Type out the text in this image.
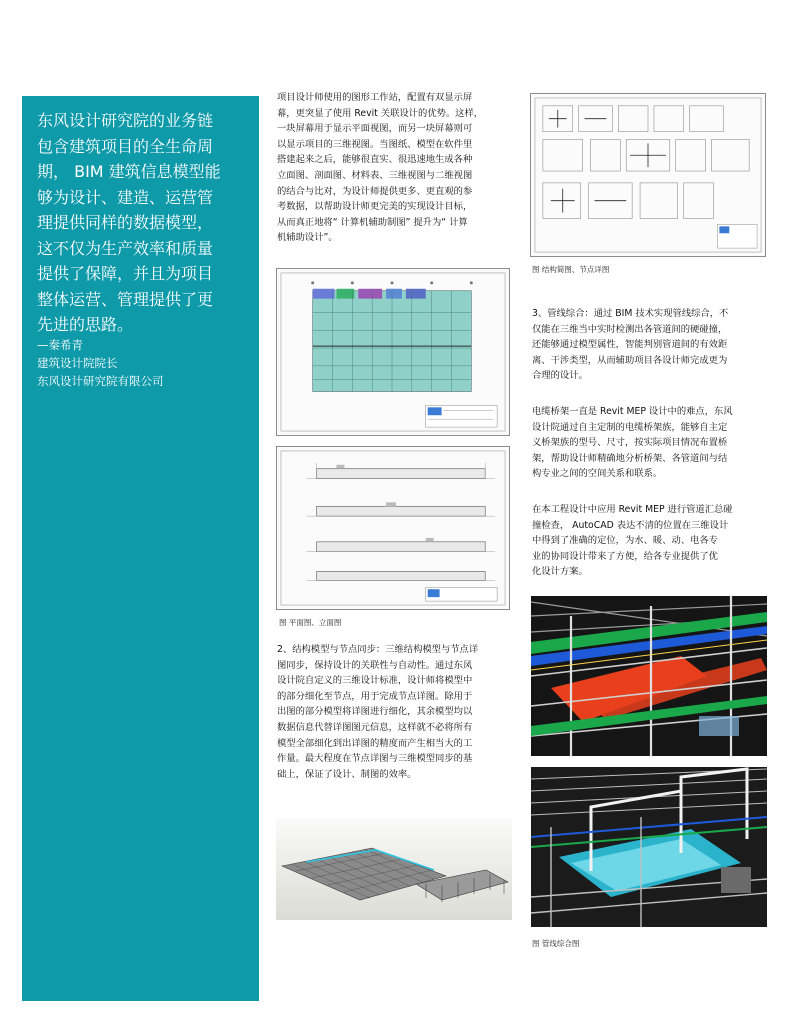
东风设计研究院的业务链
包含建筑项目的全生命周
期， BIM 建筑信息模型能
够为设计、建造、运营管
理提供同样的数据模型，
这不仅为生产效率和质量
提供了保障，并且为项目
整体运营、管理提供了更
先进的思路。

—秦希青
建筑设计院院长
东风设计研究院有限公司

项目设计师使用的图形工作站，配置有双显示屏
幕，更突显了使用 Revit 关联设计的优势。这样，
一块屏幕用于显示平面视图，而另一块屏幕则可
以显示项目的三维视图。当图纸、模型在软件里
搭建起来之后，能够很直实、很迅速地生成各种
立面图、剖面图、材料表、三维视图与二维视图
的结合与比对，为设计师提供更多、更直观的参
考数据，以帮助设计师更完美的实现设计目标，
从而真正地将“ 计算机辅助制图” 提升为“ 计算
机辅助设计”。

图 平面图、立面图

2、结构模型与节点同步：三维结构模型与节点详
图同步，保持设计的关联性与自动性。通过东风
设计院自定义的三维设计标准，设计师将模型中
的部分细化至节点，用于完成节点详图。除用于
出图的部分模型将详图进行细化，其余模型均以
数据信息代替详图图元信息，这样就不必将所有
模型全部细化到出详图的精度而产生相当大的工
作量。最大程度在节点详图与三维模型同步的基
础上，保证了设计、制图的效率。

图 结构简图、节点详图

3、管线综合：通过 BIM 技术实现管线综合，不
仅能在三维当中实时检测出各管道间的硬碰撞，
还能够通过模型属性，智能判别管道间的有效距
离、干涉类型，从而辅助项目各设计师完成更为
合理的设计。

电缆桥架一直是 Revit MEP 设计中的难点，东风
设计院通过自主定制的电缆桥架族，能够自主定
义桥架族的型号、尺寸，按实际项目情况布置桥
架，帮助设计师精确地分析桥架、各管道间与结
构专业之间的空间关系和联系。

在本工程设计中应用 Revit MEP 进行管道汇总碰
撞检查， AutoCAD 表达不清的位置在三维设计
中得到了准确的定位，为水、暖、动、电各专
业的协同设计带来了方便，给各专业提供了优
化设计方案。

图 管线综合图
